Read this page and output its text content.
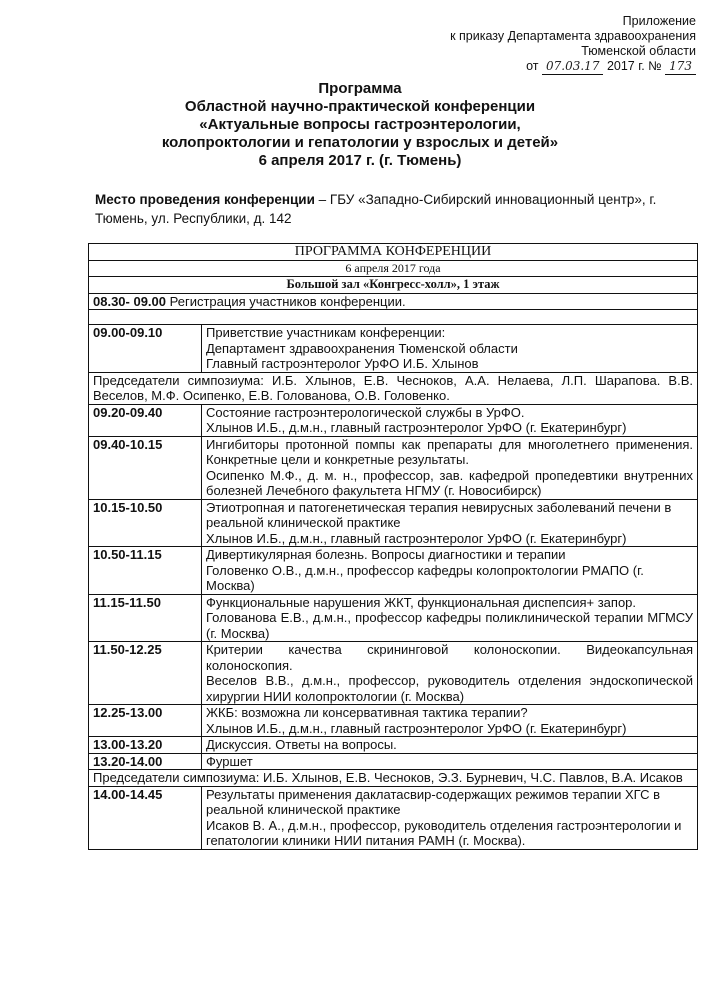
Приложение
к приказу Департамента здравоохранения
Тюменской области
от 07.03.17 2017 г. № 173
Программа
Областной научно-практической конференции
«Актуальные вопросы гастроэнтерологии,
колопроктологии и гепатологии у взрослых и детей»
6 апреля 2017 г. (г. Тюмень)
Место проведения конференции – ГБУ «Западно-Сибирский инновационный центр», г. Тюмень, ул. Республики, д. 142
ПРОГРАММА КОНФЕРЕНЦИИ	
6 апреля 2017 года	
Большой зал «Конгресс-холл», 1 этаж	
08.30- 09.00 Регистрация участников конференции.	

09.00-09.10	Приветствие участникам конференции:
Департамент здравоохранения Тюменской области
Главный гастроэнтеролог УрФО И.Б. Хлынов

Председатели симпозиума: И.Б. Хлынов, Е.В. Чесноков, А.А. Нелаева, Л.П. Шарапова. В.В. Веселов, М.Ф. Осипенко, Е.В. Голованова, О.В. Головенко.	
09.20-09.40	Состояние гастроэнтерологической службы в УрФО.
Хлынов И.Б., д.м.н., главный гастроэнтеролог УрФО (г. Екатеринбург)

09.40-10.15	Ингибиторы протонной помпы как препараты для многолетнего применения. Конкретные цели и конкретные результаты.
Осипенко М.Ф., д. м. н., профессор, зав. кафедрой пропедевтики внутренних болезней Лечебного факультета НГМУ (г. Новосибирск)

10.15-10.50	Этиотропная и патогенетическая терапия невирусных заболеваний печени в реальной клинической практике
Хлынов И.Б., д.м.н., главный гастроэнтеролог УрФО (г. Екатеринбург)

10.50-11.15	Дивертикулярная болезнь. Вопросы диагностики и терапии
Головенко О.В., д.м.н., профессор кафедры колопроктологии РМАПО (г. Москва)

11.15-11.50	Функциональные нарушения ЖКТ, функциональная диспепсия+ запор.
Голованова Е.В., д.м.н., профессор кафедры поликлинической терапии МГМСУ (г. Москва)

11.50-12.25	Критерии качества скрининговой колоноскопии. Видеокапсульная колоноскопия.
Веселов В.В., д.м.н., профессор, руководитель отделения эндоскопической хирургии НИИ колопроктологии (г. Москва)

12.25-13.00	ЖКБ: возможна ли консервативная тактика терапии?
Хлынов И.Б., д.м.н., главный гастроэнтеролог УрФО (г. Екатеринбург)

13.00-13.20	Дискуссия. Ответы на вопросы.

13.20-14.00	Фуршет

Председатели симпозиума: И.Б. Хлынов, Е.В. Чесноков, Э.З. Бурневич, Ч.С. Павлов, В.А. Исаков	
14.00-14.45	Результаты применения даклатасвир-содержащих режимов терапии ХГС в реальной клинической практике
Исаков В. А., д.м.н., профессор, руководитель отделения гастроэнтерологии и гепатологии клиники НИИ питания РАМН (г. Москва).
